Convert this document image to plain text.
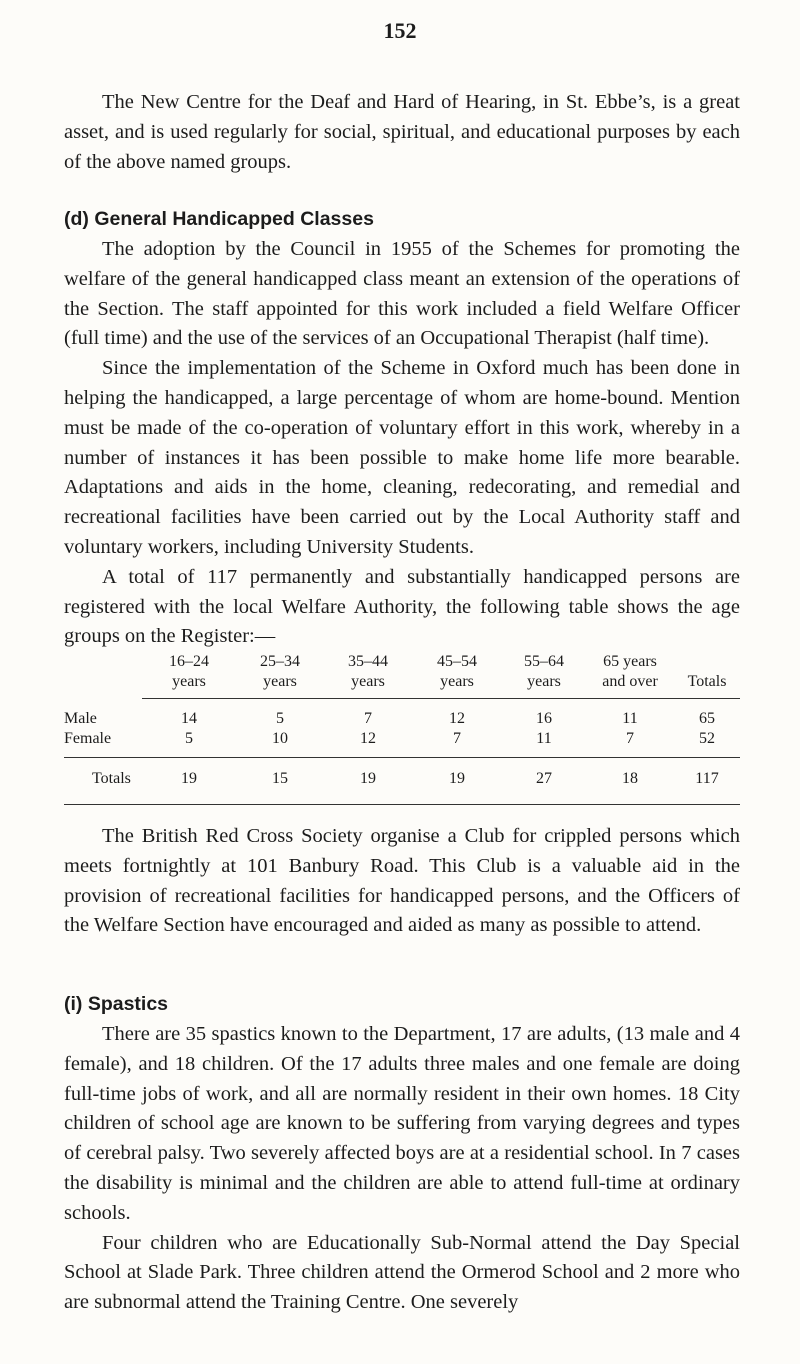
152

The New Centre for the Deaf and Hard of Hearing, in St. Ebbe’s, is a great asset, and is used regularly for social, spiritual, and educational purposes by each of the above named groups.

(d) General Handicapped Classes

The adoption by the Council in 1955 of the Schemes for promoting the welfare of the general handicapped class meant an extension of the operations of the Section. The staff appointed for this work included a field Welfare Officer (full time) and the use of the services of an Occupational Therapist (half time).

Since the implementation of the Scheme in Oxford much has been done in helping the handicapped, a large percentage of whom are home-bound. Mention must be made of the co-operation of voluntary effort in this work, whereby in a number of instances it has been possible to make home life more bearable. Adaptations and aids in the home, cleaning, redecorating, and remedial and recreational facilities have been carried out by the Local Authority staff and voluntary workers, including University Students.

A total of 117 permanently and substantially handicapped persons are registered with the local Welfare Authority, the following table shows the age groups on the Register:—

	16–24	25–34	35–44	45–54	55–64	65 years	
	years	years	years	years	years	and over	Totals
Male	14	5	7	12	16	11	65
Female	5	10	12	7	11	7	52
Totals	19	15	19	19	27	18	117

The British Red Cross Society organise a Club for crippled persons which meets fortnightly at 101 Banbury Road. This Club is a valuable aid in the provision of recreational facilities for handicapped persons, and the Officers of the Welfare Section have encouraged and aided as many as possible to attend.

(i) Spastics

There are 35 spastics known to the Department, 17 are adults, (13 male and 4 female), and 18 children. Of the 17 adults three males and one female are doing full-time jobs of work, and all are normally resident in their own homes. 18 City children of school age are known to be suffering from varying degrees and types of cerebral palsy. Two severely affected boys are at a residential school. In 7 cases the disability is minimal and the children are able to attend full-time at ordinary schools.

Four children who are Educationally Sub-Normal attend the Day Special School at Slade Park. Three children attend the Ormerod School and 2 more who are subnormal attend the Training Centre. One severely
